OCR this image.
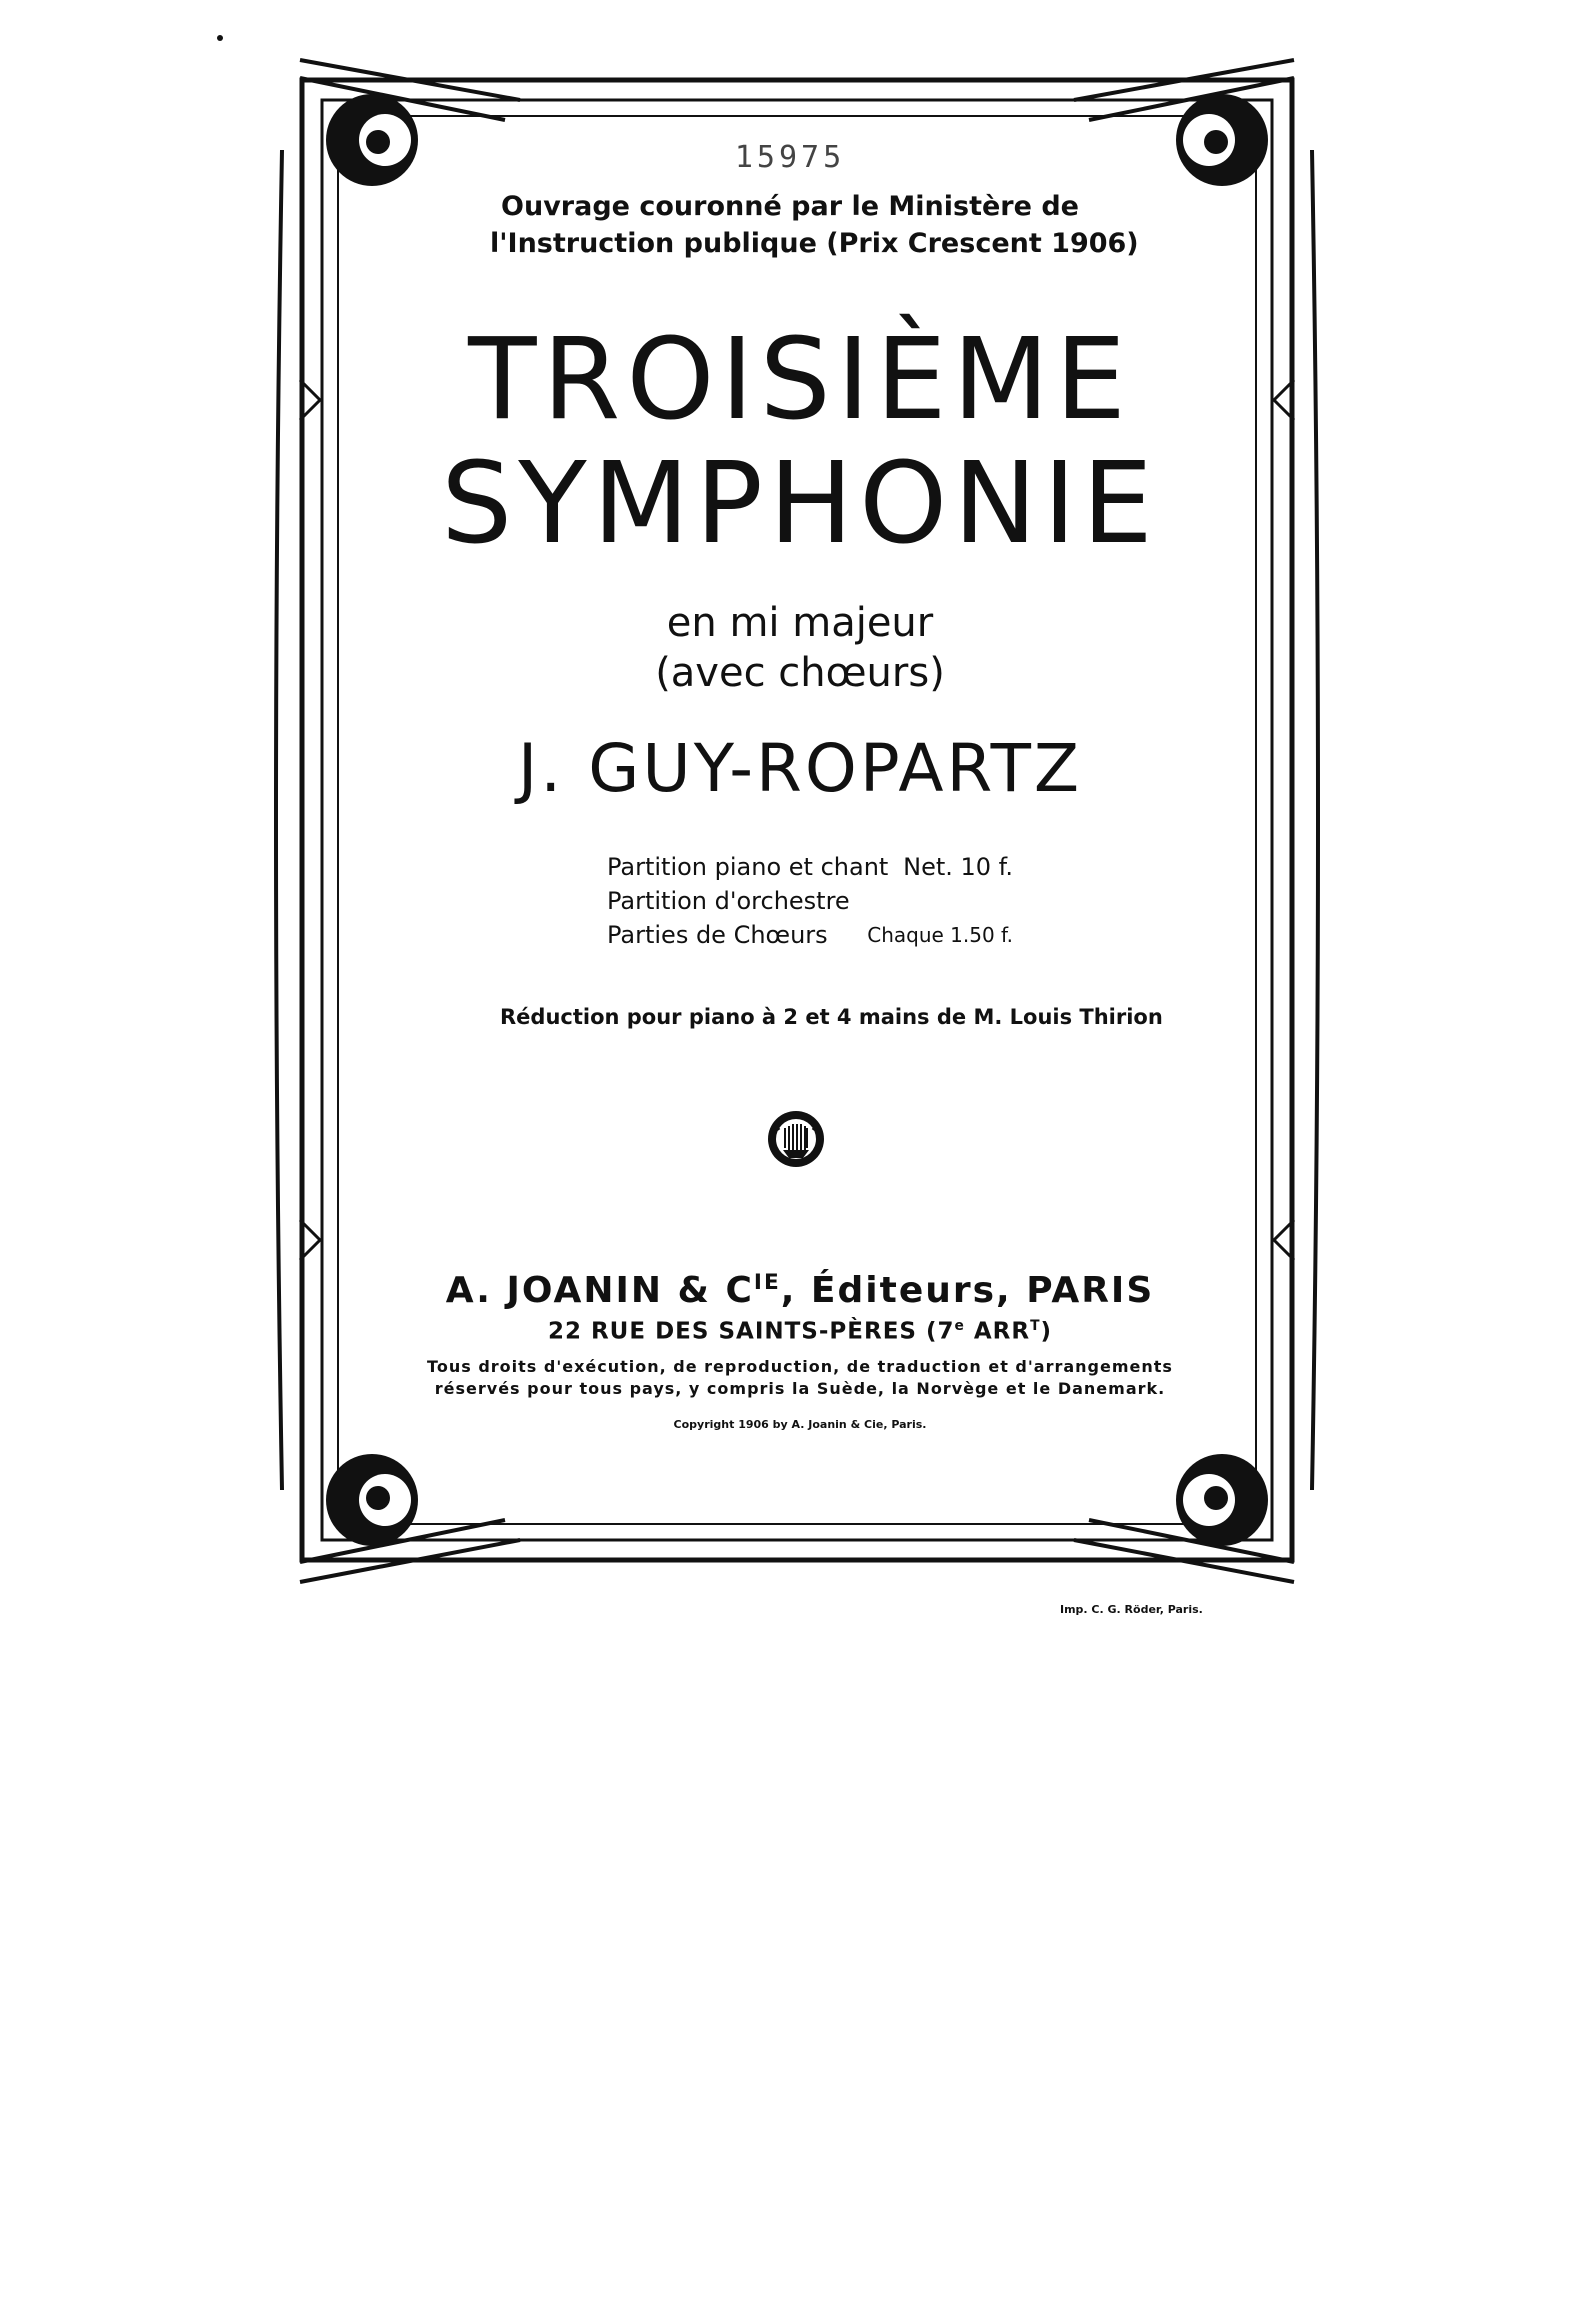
15975
Ouvrage couronné par le Ministère de
l'Instruction publique (Prix Crescent 1906)
TROISIÈME
SYMPHONIE
en mi majeur
(avec chœurs)
J. GUY-ROPARTZ
Partition piano et chant Net. 10 f.
Partition d'orchestre
Parties de Chœurs Chaque 1.50 f.
Réduction pour piano à 2 et 4 mains de M. Louis Thirion
A. JOANIN & $C^{IE}$, Éditeurs, PARIS
22 RUE DES SAINTS-PÈRES (7e $ARR^T$)
Tous droits d'exécution, de reproduction, de traduction et d'arrangements
réservés pour tous pays, y compris la Suède, la Norvège et le Danemark.
Copyright 1906 by A. Joanin & Cie, Paris.
Imp. C. G. Röder, Paris.
